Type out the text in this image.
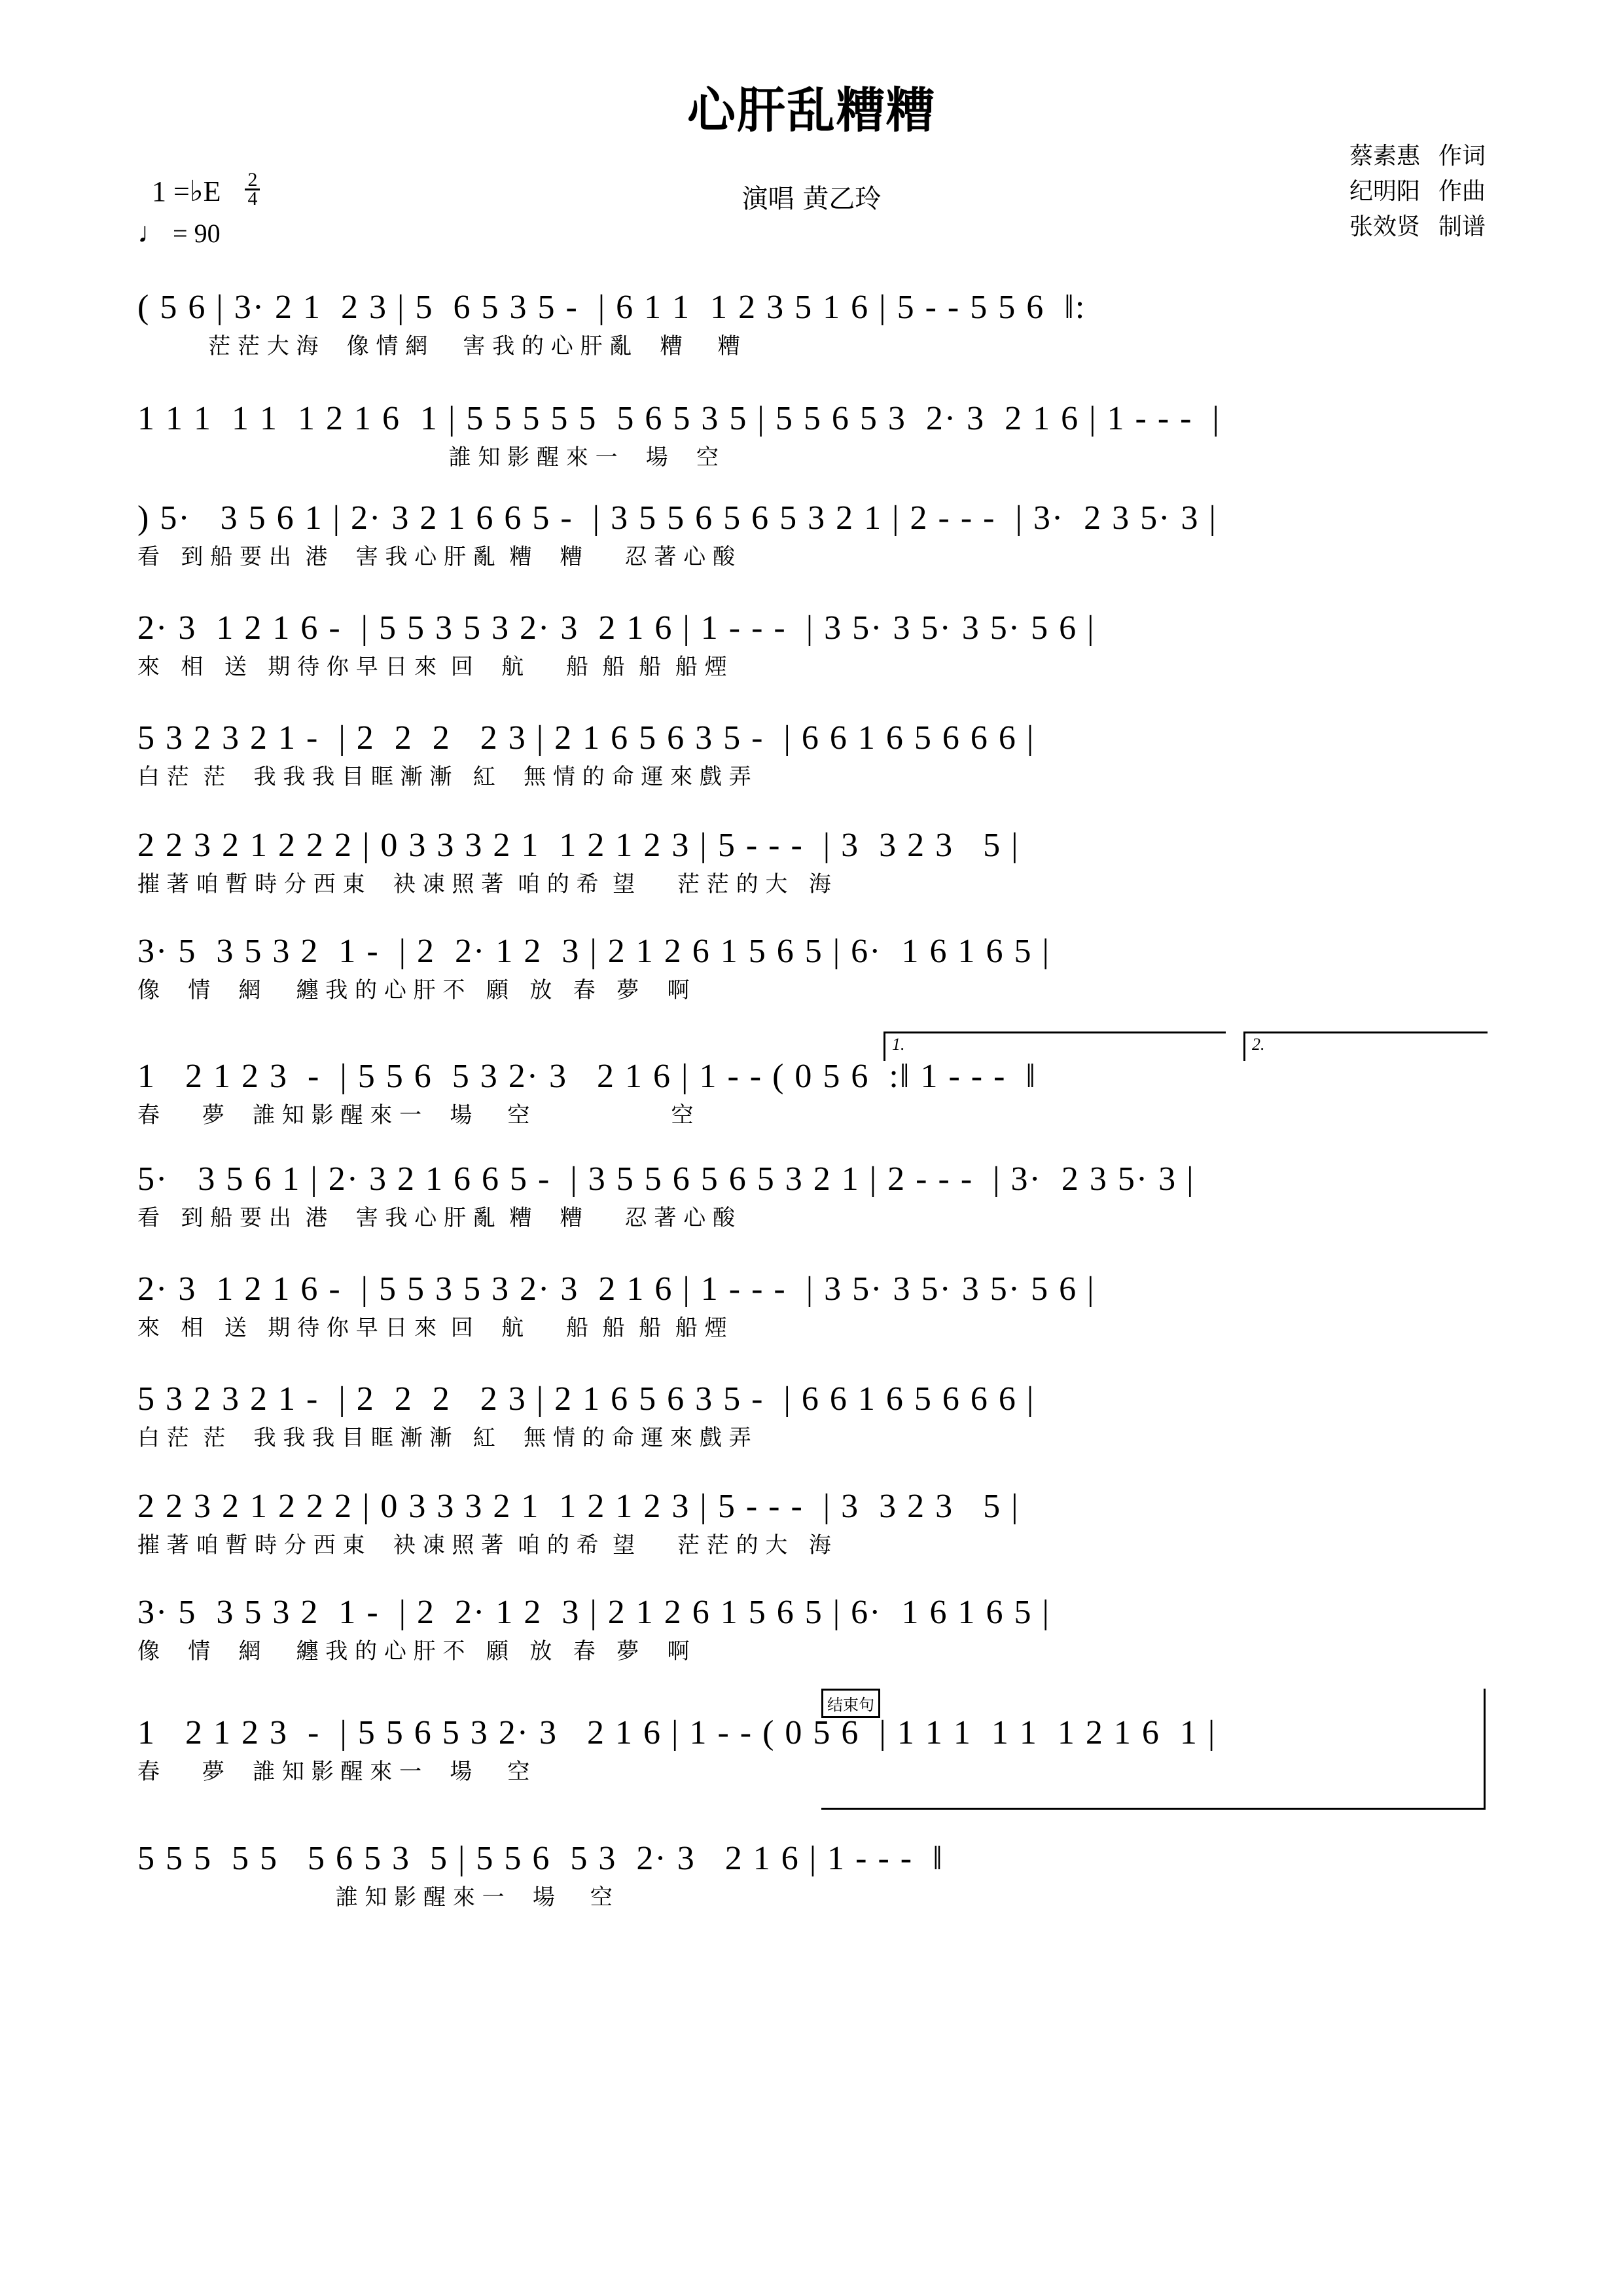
心肝乱糟糟
演唱 黄乙玲
蔡素惠 作词
纪明阳 作曲
张效贤 制谱
1 =♭E $\frac{2}{4}$
♩ = 90
( 5 6 | 3· 2 1  2 3 | 5  6 5 3 5 -  | 6 1 1  1 2 3 5 1 6 | 5 - - 5 5 6  ‖:
茫 茫 大 海    像 情 網     害 我 的 心 肝 亂    糟     糟
1 1 1  1 1  1 2 1 6  1 | 5 5 5 5 5  5 6 5 3 5 | 5 5 6 5 3  2· 3  2 1 6 | 1 - - -  |
誰 知 影 醒 來 一    場    空
) 5·   3 5 6 1 | 2· 3 2 1 6 6 5 -  | 3 5 5 6 5 6 5 3 2 1 | 2 - - -  | 3·  2 3 5· 3 |
看   到 船 要 出  港    害 我 心 肝 亂  糟    糟      忍 著 心 酸
2· 3  1 2 1 6 -  | 5 5 3 5 3 2· 3  2 1 6 | 1 - - -  | 3 5· 3 5· 3 5· 5 6 |
來   相   送   期 待 你 早 日 來  回    航      船  船  船  船 煙
5 3 2 3 2 1 -  | 2  2  2   2 3 | 2 1 6 5 6 3 5 -  | 6 6 1 6 5 6 6 6 |
白 茫  茫    我 我 我 目 眶 漸 漸   紅    無 情 的 命 運 來 戲 弄
2 2 3 2 1 2 2 2 | 0 3 3 3 2 1  1 2 1 2 3 | 5 - - -  | 3  3 2 3   5 |
摧 著 咱 暫 時 分 西 東    袂 凍 照 著  咱 的 希  望      茫 茫 的 大   海
3· 5  3 5 3 2  1 -  | 2  2· 1 2  3 | 2 1 2 6 1 5 6 5 | 6·  1 6 1 6 5 |
像    情    網     纏 我 的 心 肝 不   願   放   春   夢    啊
1   2 1 2 3  -  | 5 5 6  5 3 2· 3   2 1 6 | 1 - - ( 0 5 6  :‖ 1 - - -  ‖
春      夢    誰 知 影 醒 來 一    場     空                    空
1.	2.
5·   3 5 6 1 | 2· 3 2 1 6 6 5 -  | 3 5 5 6 5 6 5 3 2 1 | 2 - - -  | 3·  2 3 5· 3 |
看   到 船 要 出  港    害 我 心 肝 亂  糟    糟      忍 著 心 酸
2· 3  1 2 1 6 -  | 5 5 3 5 3 2· 3  2 1 6 | 1 - - -  | 3 5· 3 5· 3 5· 5 6 |
來   相   送   期 待 你 早 日 來  回    航      船  船  船  船 煙
5 3 2 3 2 1 -  | 2  2  2   2 3 | 2 1 6 5 6 3 5 -  | 6 6 1 6 5 6 6 6 |
白 茫  茫    我 我 我 目 眶 漸 漸   紅    無 情 的 命 運 來 戲 弄
2 2 3 2 1 2 2 2 | 0 3 3 3 2 1  1 2 1 2 3 | 5 - - -  | 3  3 2 3   5 |
摧 著 咱 暫 時 分 西 東    袂 凍 照 著  咱 的 希  望      茫 茫 的 大   海
3· 5  3 5 3 2  1 -  | 2  2· 1 2  3 | 2 1 2 6 1 5 6 5 | 6·  1 6 1 6 5 |
像    情    網     纏 我 的 心 肝 不   願   放   春   夢    啊
1   2 1 2 3  -  | 5 5 6 5 3 2· 3   2 1 6 | 1 - - ( 0 5 6  | 1 1 1  1 1  1 2 1 6  1 |
春      夢    誰 知 影 醒 來 一    場     空
结束句
5 5 5  5 5   5 6 5 3  5 | 5 5 6  5 3  2· 3   2 1 6 | 1 - - -  ‖
誰 知 影 醒 來 一    場     空
